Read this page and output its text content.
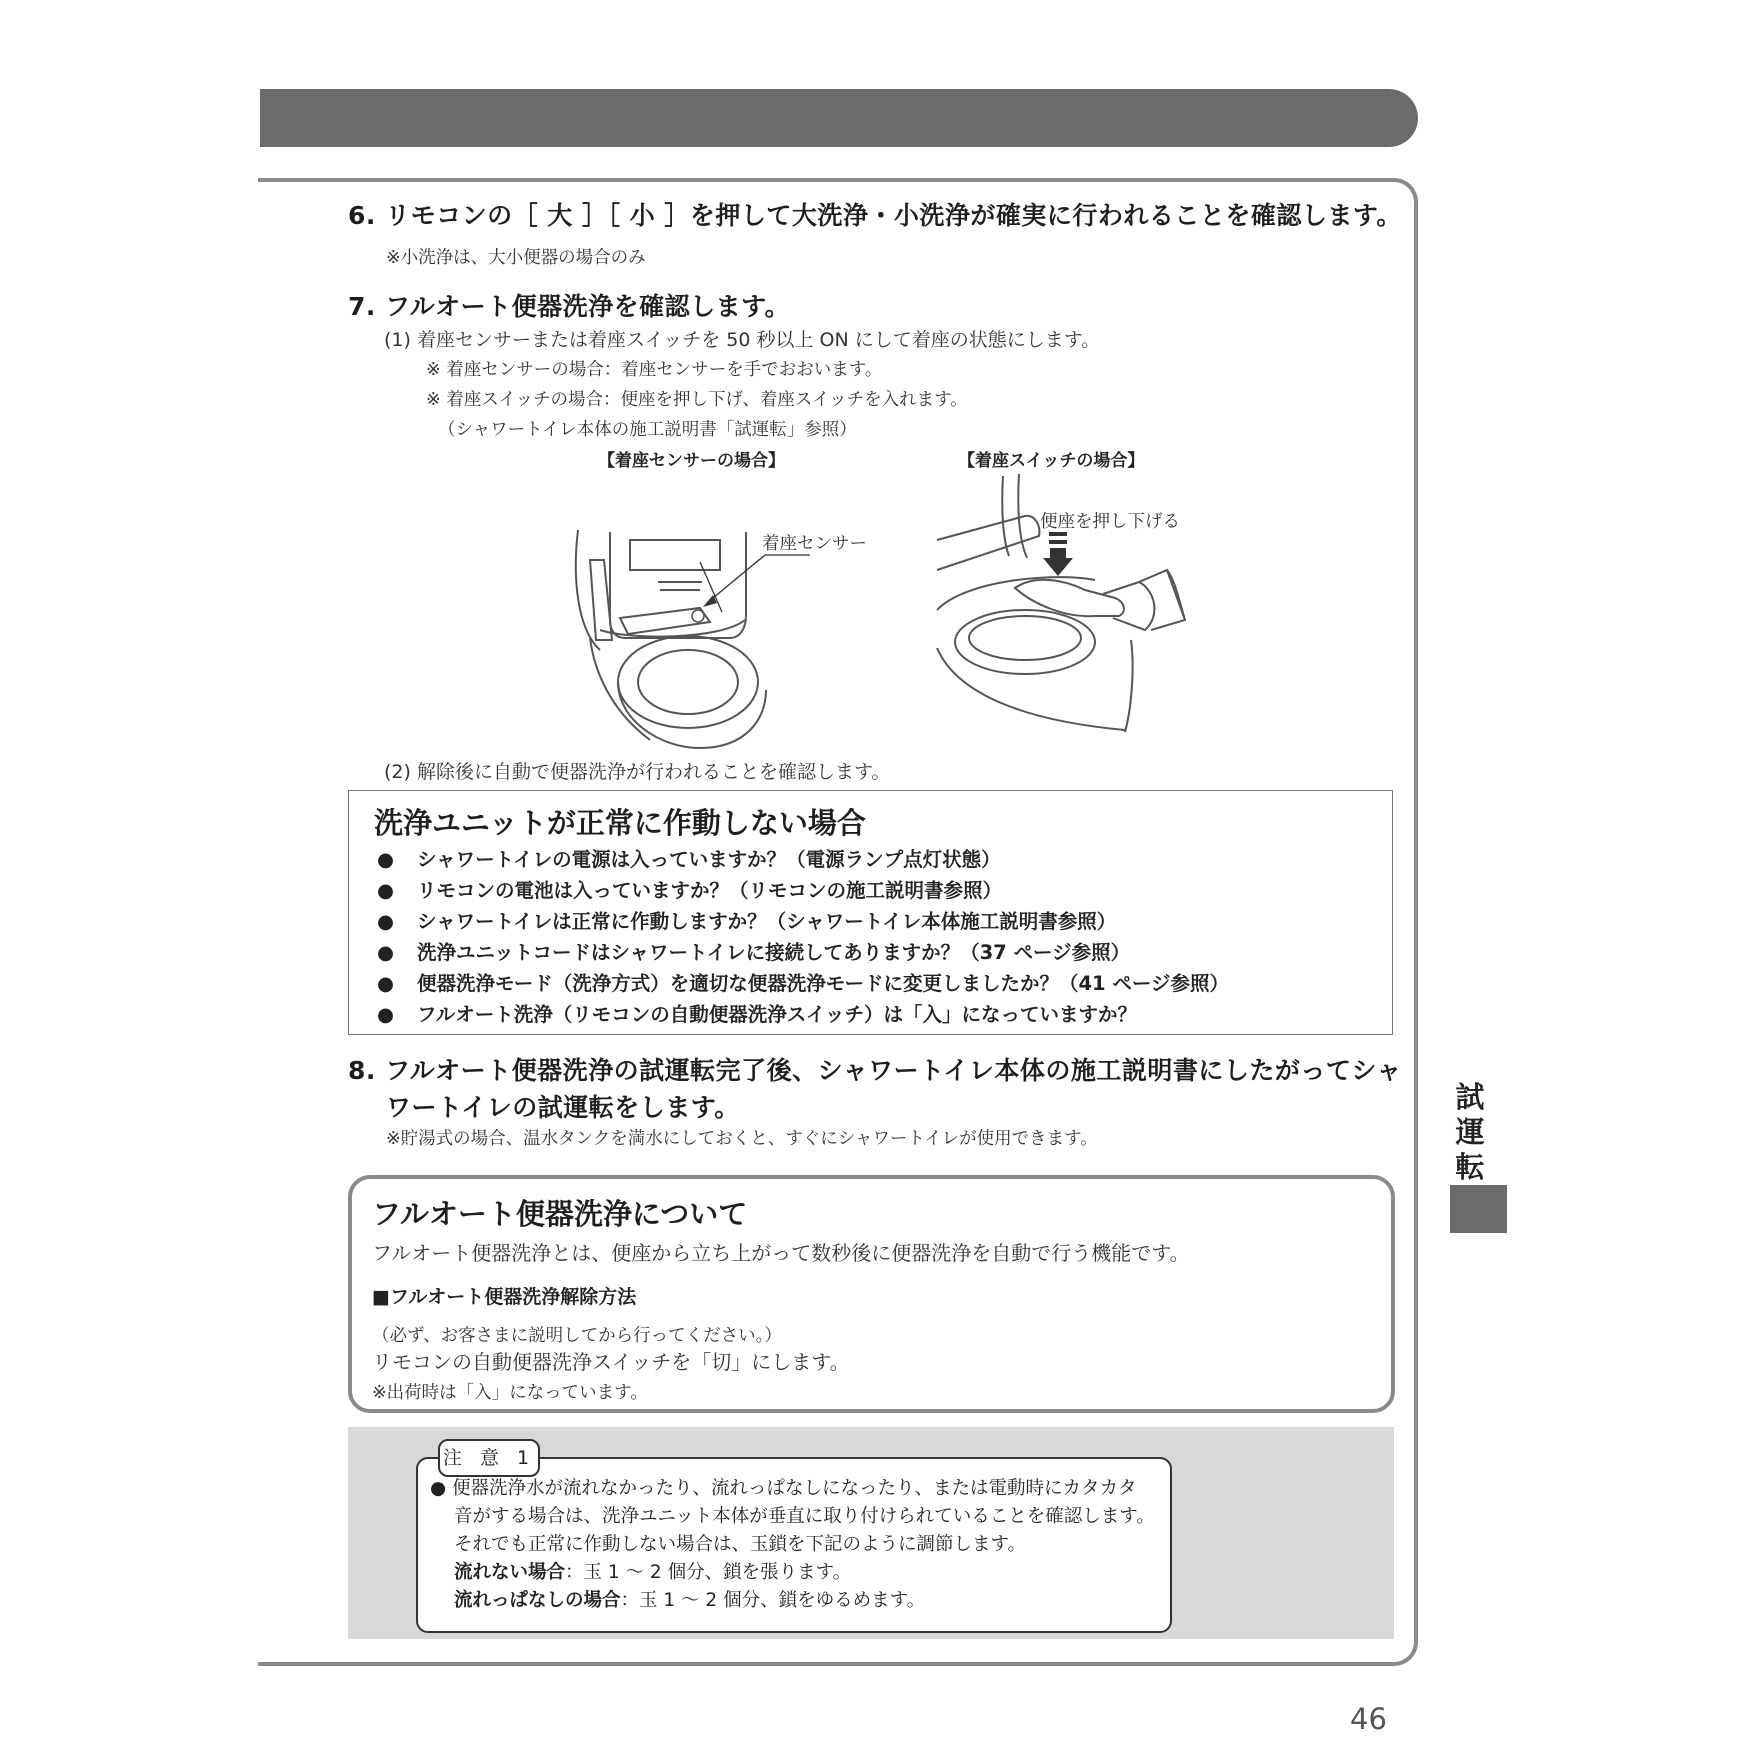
6. リモコンの［ 大 ］［ 小 ］を押して大洗浄・小洗浄が確実に行われることを確認します。
※小洗浄は、大小便器の場合のみ
7. フルオート便器洗浄を確認します。
(1) 着座センサーまたは着座スイッチを 50 秒以上 ON にして着座の状態にします。
※ 着座センサーの場合：着座センサーを手でおおいます。
※ 着座スイッチの場合：便座を押し下げ、着座スイッチを入れます。
（シャワートイレ本体の施工説明書「試運転」参照）
【着座センサーの場合】	【着座スイッチの場合】
着座センサー
便座を押し下げる
(2) 解除後に自動で便器洗浄が行われることを確認します。
洗浄ユニットが正常に作動しない場合
● シャワートイレの電源は入っていますか？（電源ランプ点灯状態）
● リモコンの電池は入っていますか？（リモコンの施工説明書参照）
● シャワートイレは正常に作動しますか？（シャワートイレ本体施工説明書参照）
● 洗浄ユニットコードはシャワートイレに接続してありますか？（37 ページ参照）
● 便器洗浄モード（洗浄方式）を適切な便器洗浄モードに変更しましたか？（41 ページ参照）
● フルオート洗浄（リモコンの自動便器洗浄スイッチ）は「入」になっていますか？
8. フルオート便器洗浄の試運転完了後、シャワートイレ本体の施工説明書にしたがってシャ
ワートイレの試運転をします。
※貯湯式の場合、温水タンクを満水にしておくと、すぐにシャワートイレが使用できます。
フルオート便器洗浄について
フルオート便器洗浄とは、便座から立ち上がって数秒後に便器洗浄を自動で行う機能です。
■フルオート便器洗浄解除方法
（必ず、お客さまに説明してから行ってください。）
リモコンの自動便器洗浄スイッチを「切」にします。
※出荷時は「入」になっています。
● 便器洗浄水が流れなかったり、流れっぱなしになったり、または電動時にカタカタ
音がする場合は、洗浄ユニット本体が垂直に取り付けられていることを確認します。
それでも正常に作動しない場合は、玉鎖を下記のように調節します。
流れない場合：玉 1 ～ 2 個分、鎖を張ります。
流れっぱなしの場合：玉 1 ～ 2 個分、鎖をゆるめます。
注 意 1
試
運
転
46
